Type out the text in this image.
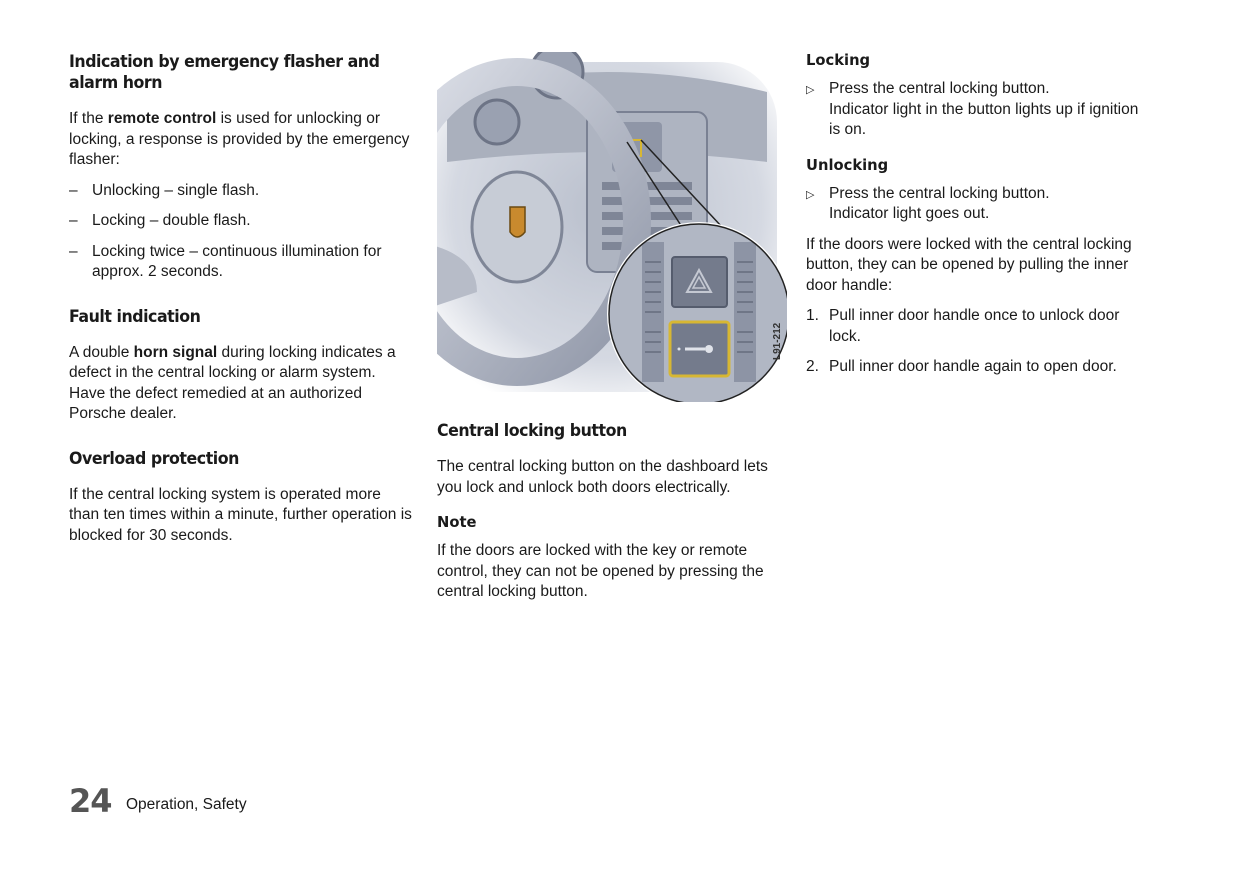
Indication by emergency flasher and alarm horn

If the remote control is used for unlocking or locking, a response is provided by the emergency flasher:

– Unlocking – single flash.
– Locking – double flash.
– Locking twice – continuous illumination for approx. 2 seconds.
Fault indication

A double horn signal during locking indicates a defect in the central locking or alarm system. Have the defect remedied at an authorized Porsche dealer.

Overload protection

If the central locking system is operated more than ten times within a minute, further operation is blocked for 30 seconds.

L91-212
Central locking button

The central locking button on the dashboard lets you lock and unlock both doors electrically.

Note

If the doors are locked with the key or remote control, they can not be opened by pressing the central locking button.

Locking
▷ Press the central locking button.
Indicator light in the button lights up if ignition is on.
Unlocking
▷ Press the central locking button.
Indicator light goes out.

If the doors were locked with the central locking button, they can be opened by pulling the inner door handle:

1. Pull inner door handle once to unlock door lock.
2. Pull inner door handle again to open door.
24 Operation, Safety
